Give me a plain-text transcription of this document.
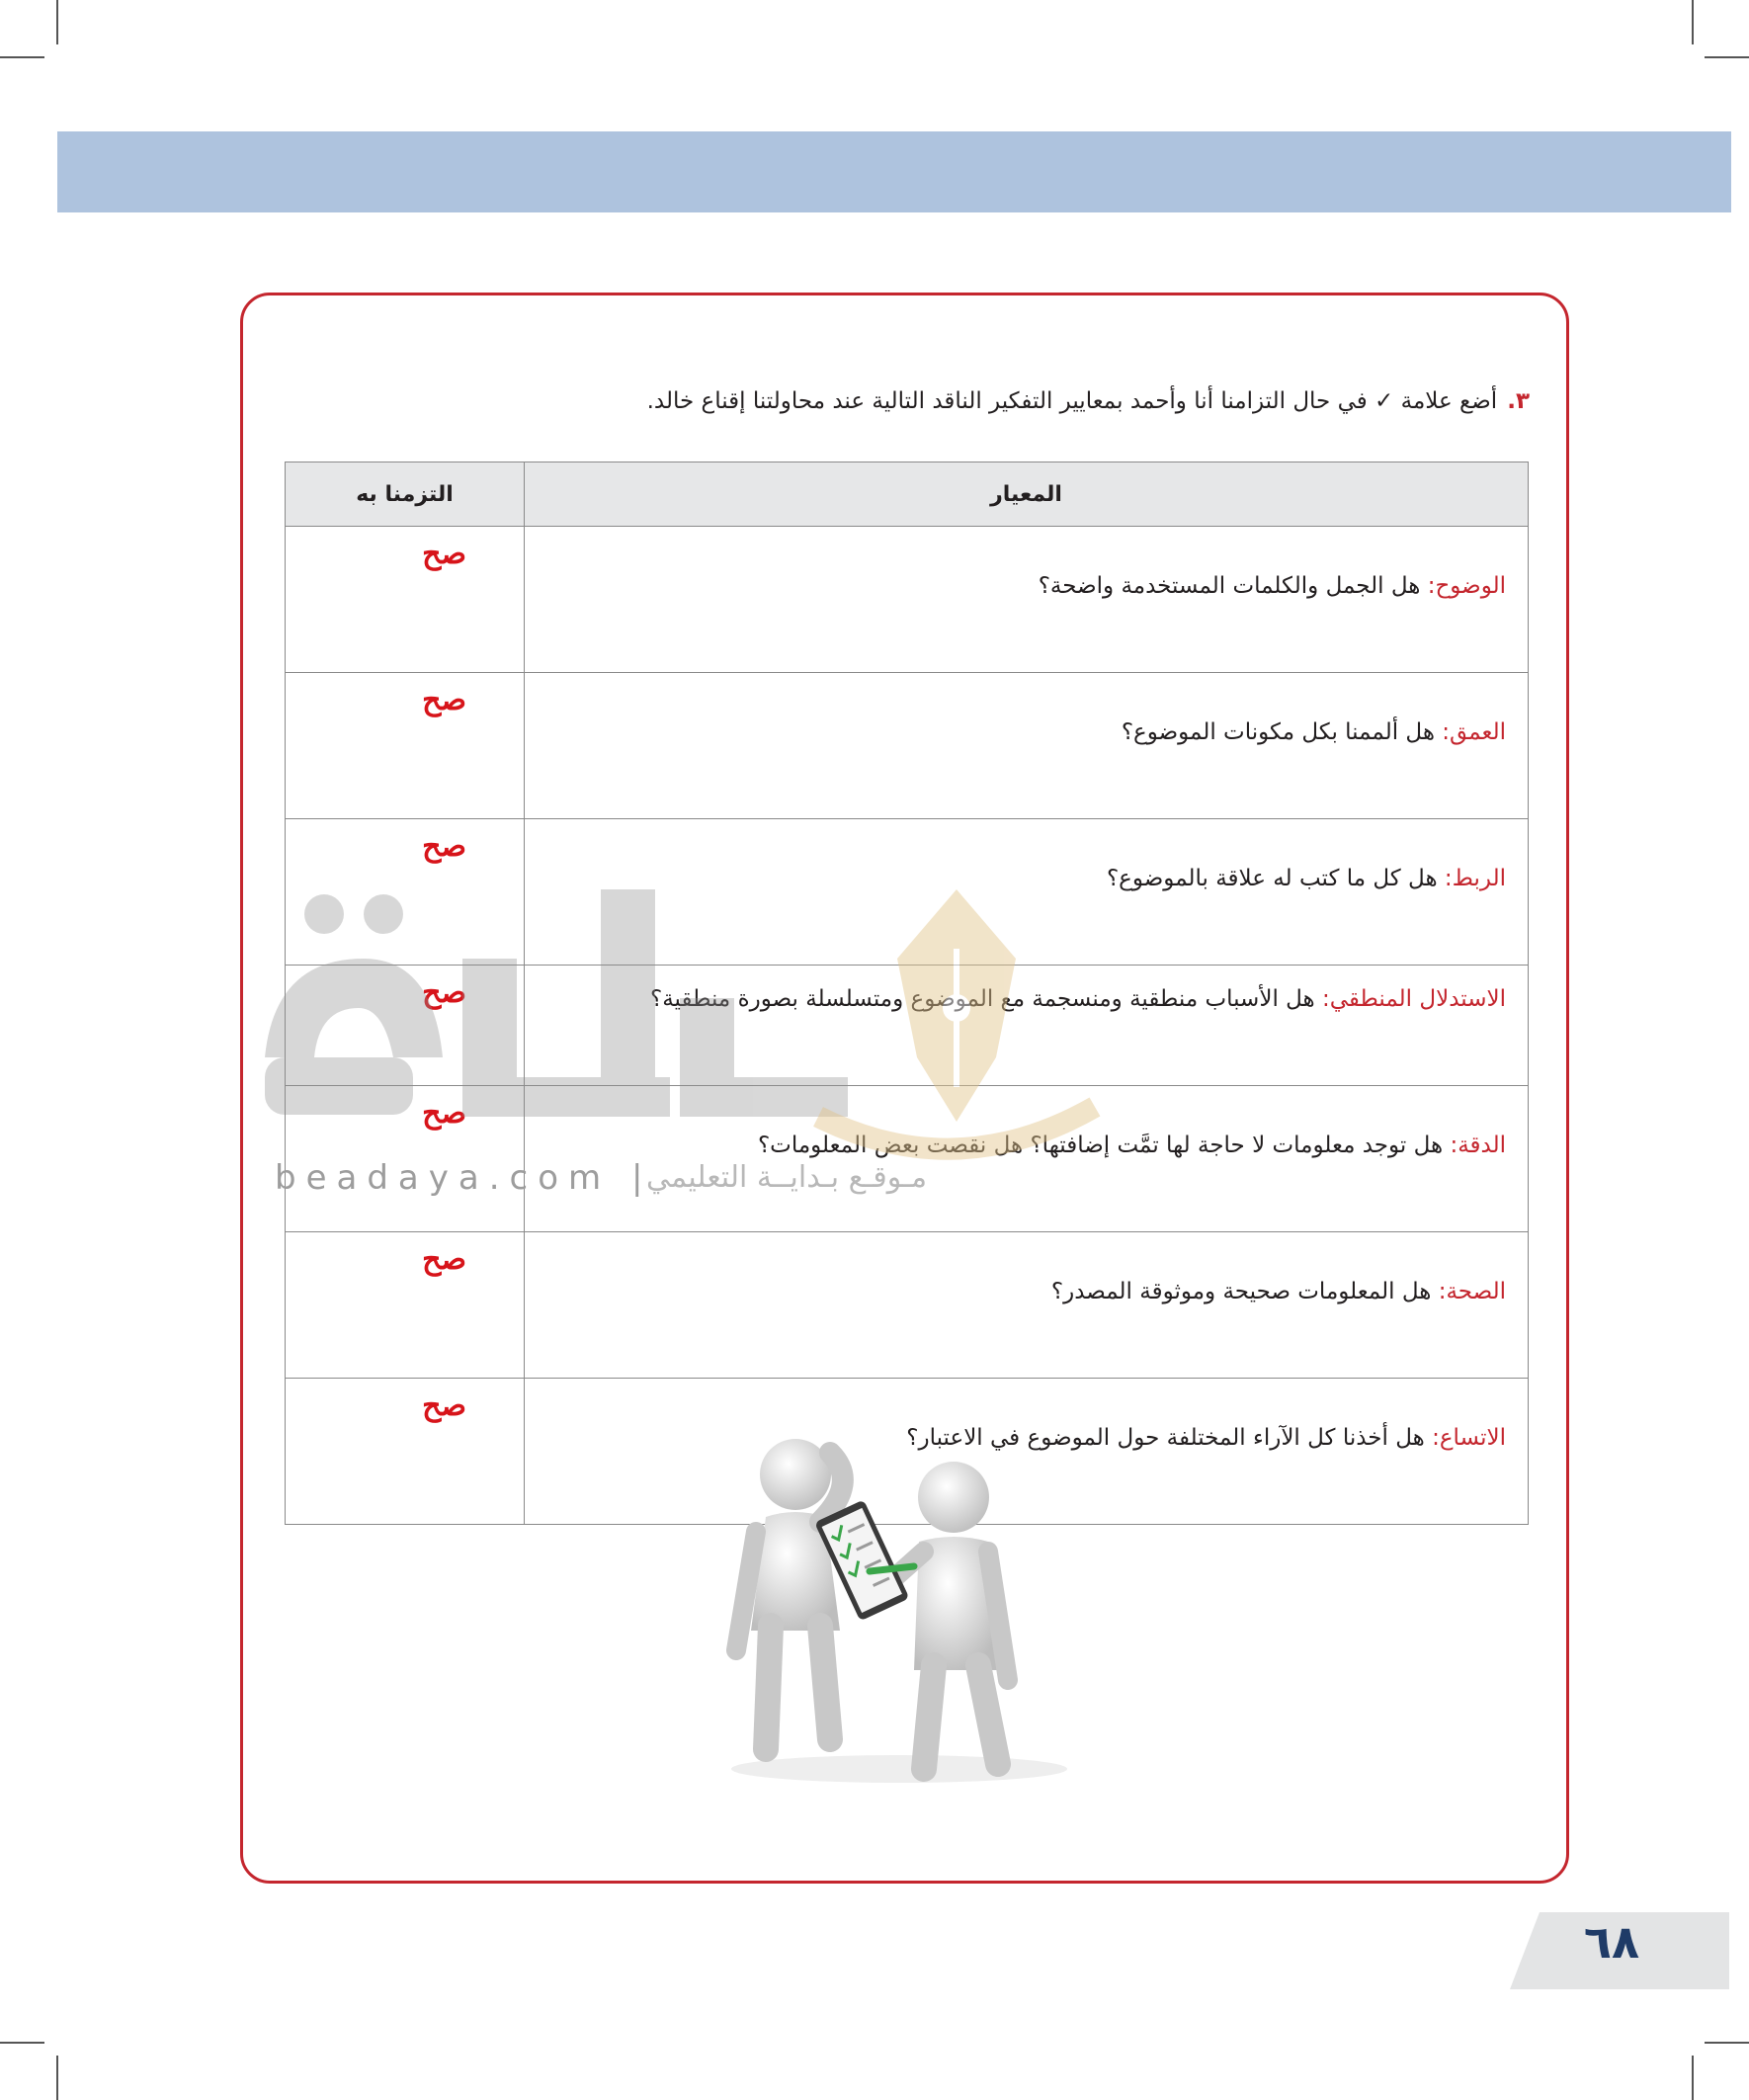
٣.أضع علامة ✓ في حال التزامنا أنا وأحمد بمعايير التفكير الناقد التالية عند محاولتنا إقناع خالد.
المعيار	التزمنا به
الوضوح: هل الجمل والكلمات المستخدمة واضحة؟	صح

العمق: هل ألممنا بكل مكونات الموضوع؟	صح

الربط: هل كل ما كتب له علاقة بالموضوع؟	صح

الاستدلال المنطقي: هل الأسباب منطقية ومنسجمة مع الموضوع ومتسلسلة بصورة منطقية؟	صح

الدقة: هل توجد معلومات لا حاجة لها تمَّت إضافتها؟ هل نقصت بعض المعلومات؟	صح

الصحة: هل المعلومات صحيحة وموثوقة المصدر؟	صح

الاتساع: هل أخذنا كل الآراء المختلفة حول الموضوع في الاعتبار؟	صح
beadaya.com |
مـوقـع بـدايــة التعليمي
٦٨
